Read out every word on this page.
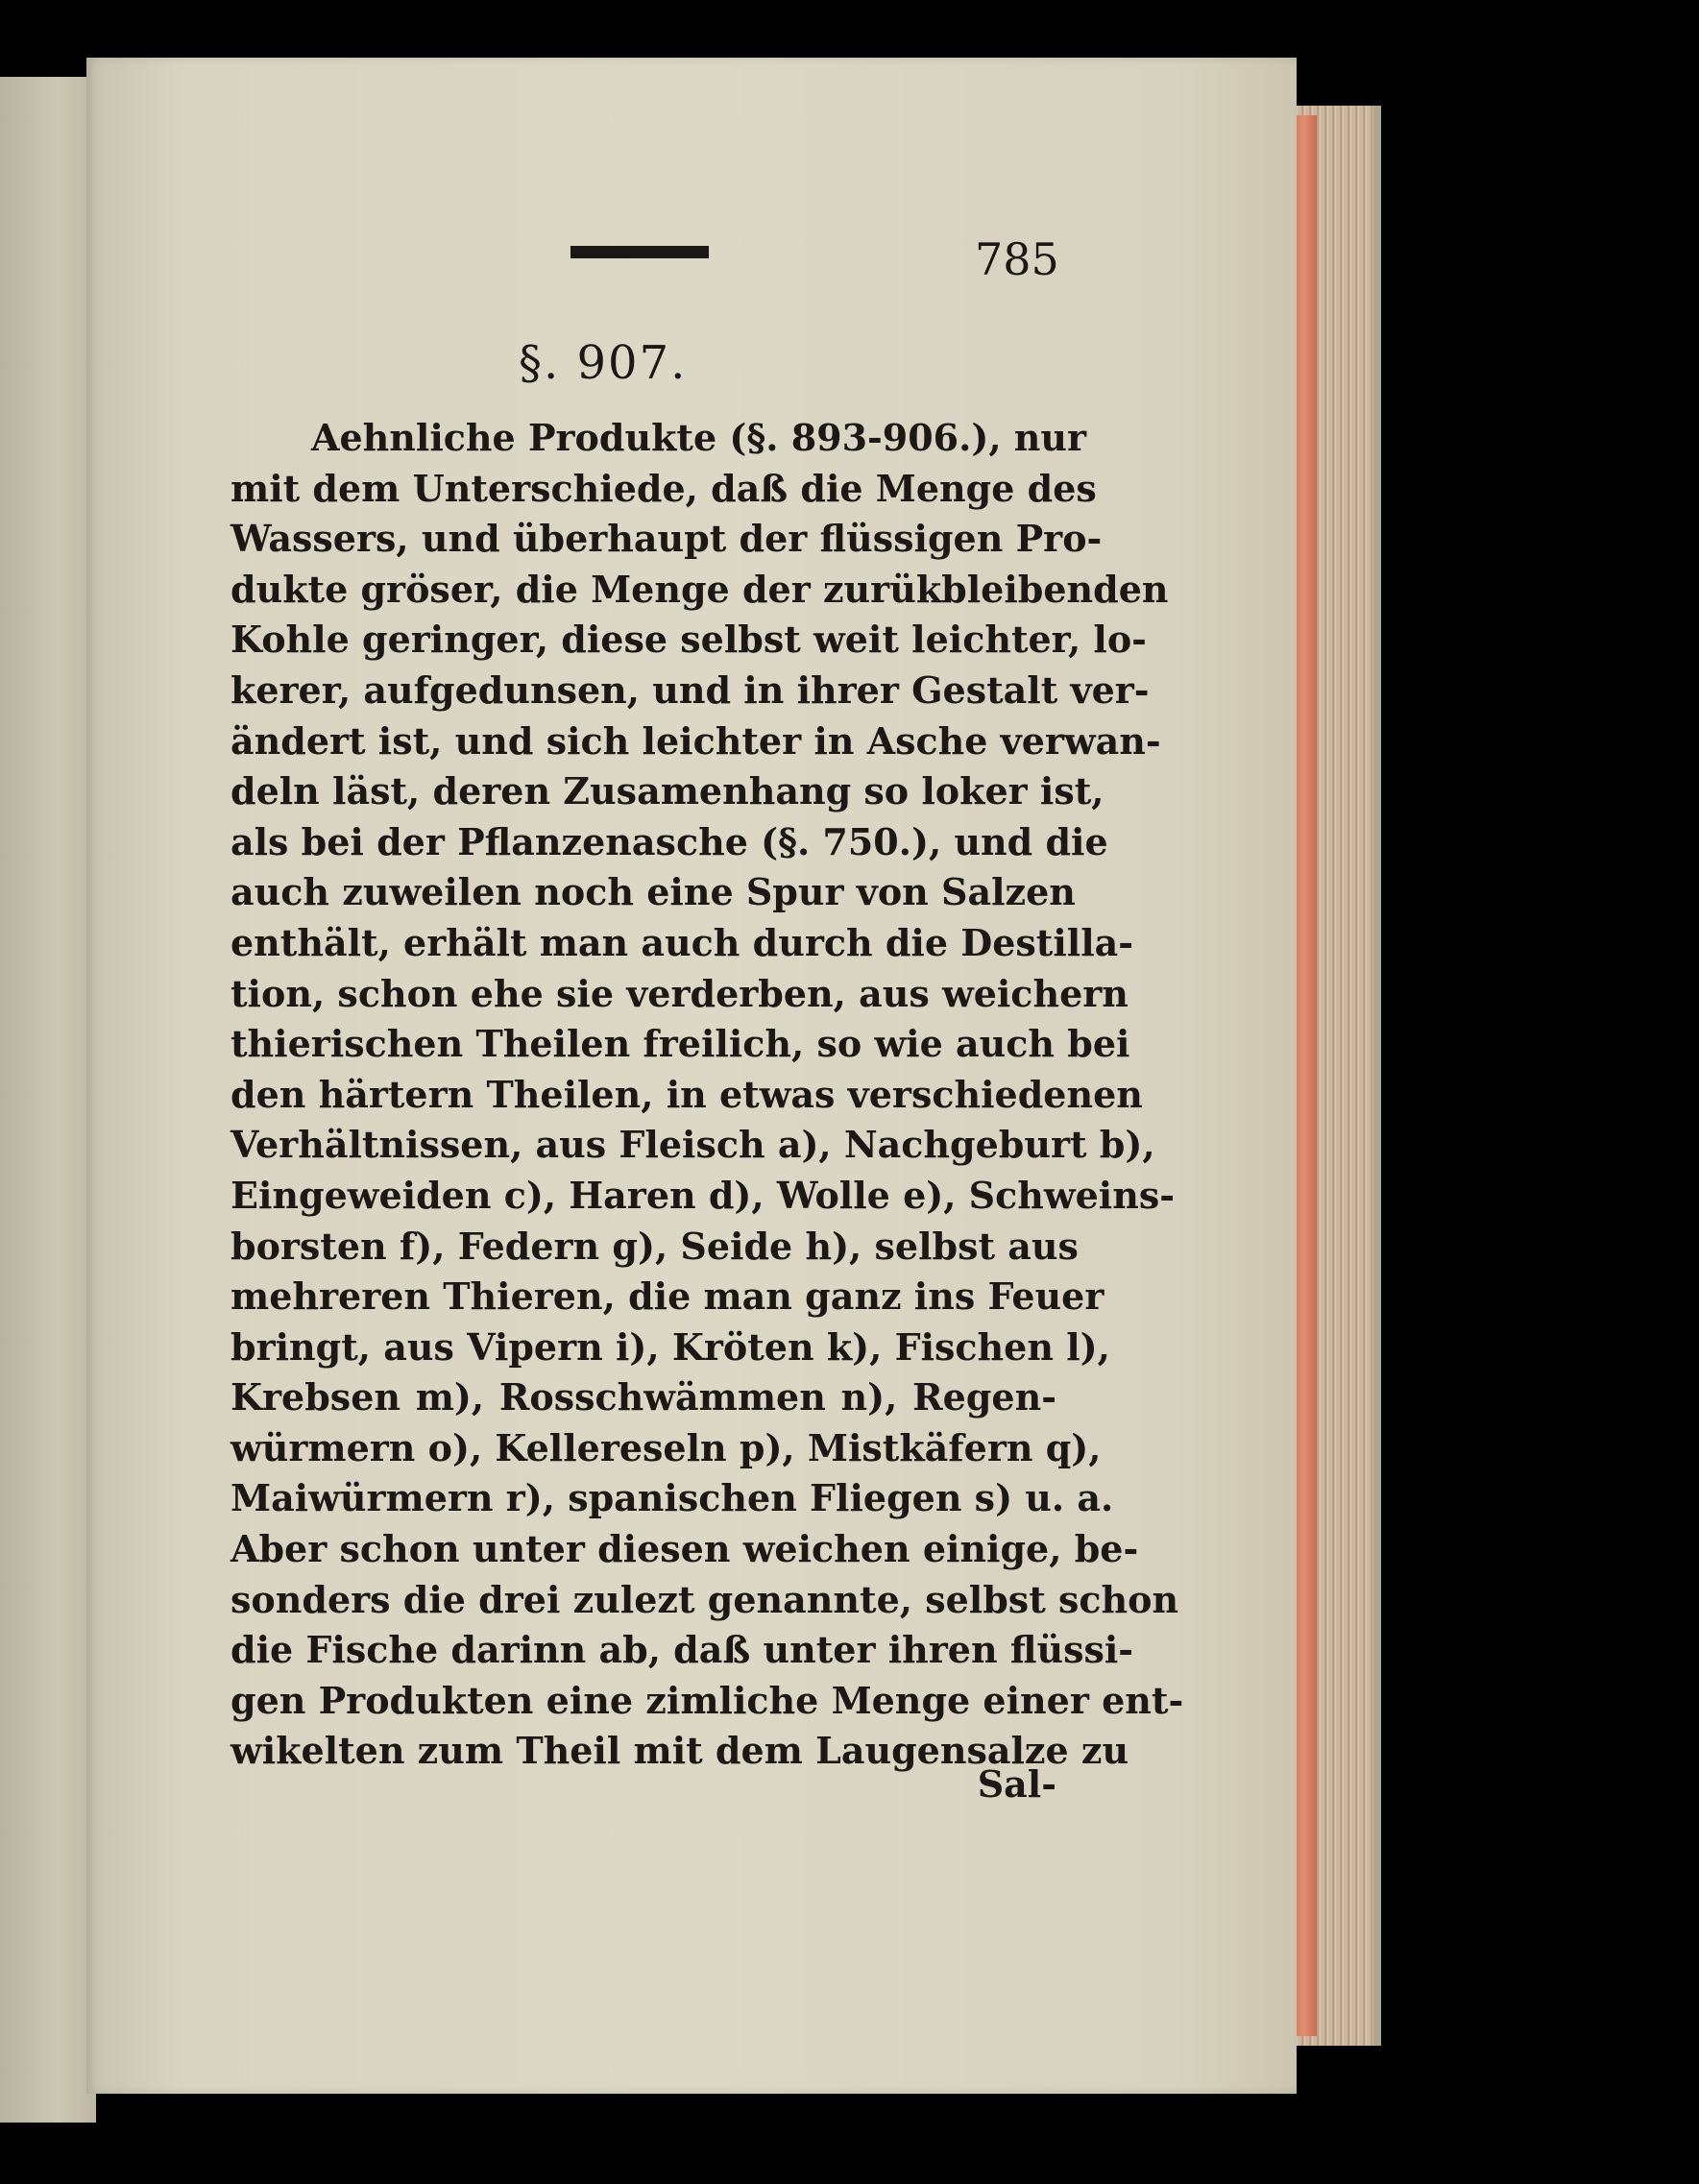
785
§. 907.
Aehnliche Produkte (§. 893-906.), nur
mit dem Unterschiede, daß die Menge des
Wassers, und überhaupt der flüssigen Pro-
dukte gröser, die Menge der zurükbleibenden
Kohle geringer, diese selbst weit leichter, lo-
kerer, aufgedunsen, und in ihrer Gestalt ver-
ändert ist, und sich leichter in Asche verwan-
deln läst, deren Zusamenhang so loker ist,
als bei der Pflanzenasche (§. 750.), und die
auch zuweilen noch eine Spur von Salzen
enthält, erhält man auch durch die Destilla-
tion, schon ehe sie verderben, aus weichern
thierischen Theilen freilich, so wie auch bei
den härtern Theilen, in etwas verschiedenen
Verhältnissen, aus Fleisch a), Nachgeburt b),
Eingeweiden c), Haren d), Wolle e), Schweins-
borsten f), Federn g), Seide h), selbst aus
mehreren Thieren, die man ganz ins Feuer
bringt, aus Vipern i), Kröten k), Fischen l),
Krebsen m), Rosschwämmen n), Regen-
würmern o), Kellereseln p), Mistkäfern q),
Maiwürmern r), spanischen Fliegen s) u. a.
Aber schon unter diesen weichen einige, be-
sonders die drei zulezt genannte, selbst schon
die Fische darinn ab, daß unter ihren flüssi-
gen Produkten eine zimliche Menge einer ent-
wikelten zum Theil mit dem Laugensalze zu
Sal-
